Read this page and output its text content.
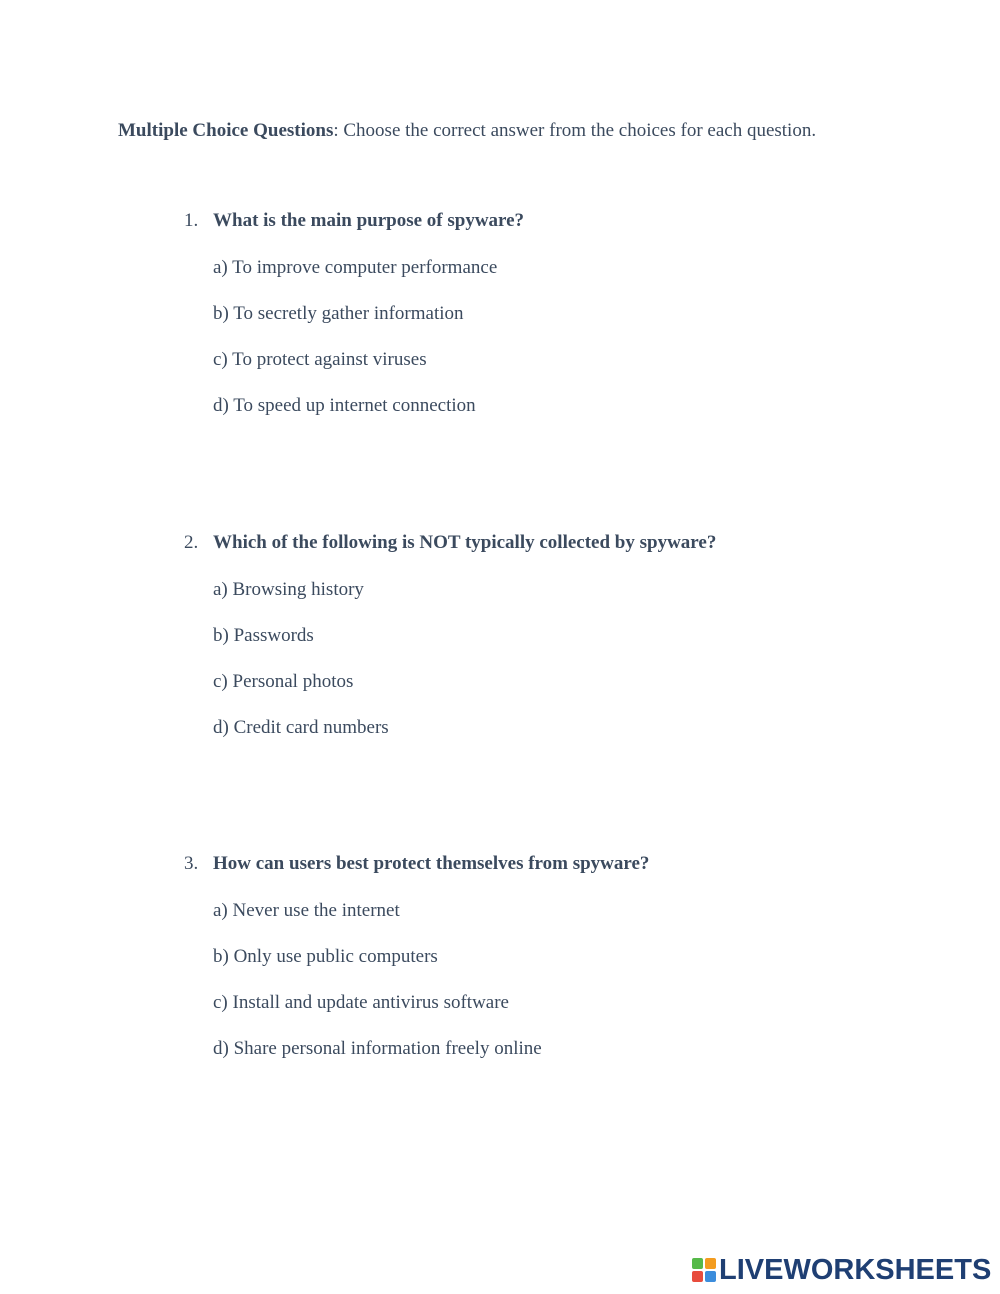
Multiple Choice Questions: Choose the correct answer from the choices for each question.
1. What is the main purpose of spyware?
a) To improve computer performance
b) To secretly gather information
c) To protect against viruses
d) To speed up internet connection
2. Which of the following is NOT typically collected by spyware?
a) Browsing history
b) Passwords
c) Personal photos
d) Credit card numbers
3. How can users best protect themselves from spyware?
a) Never use the internet
b) Only use public computers
c) Install and update antivirus software
d) Share personal information freely online
LIVEWORKSHEETS
